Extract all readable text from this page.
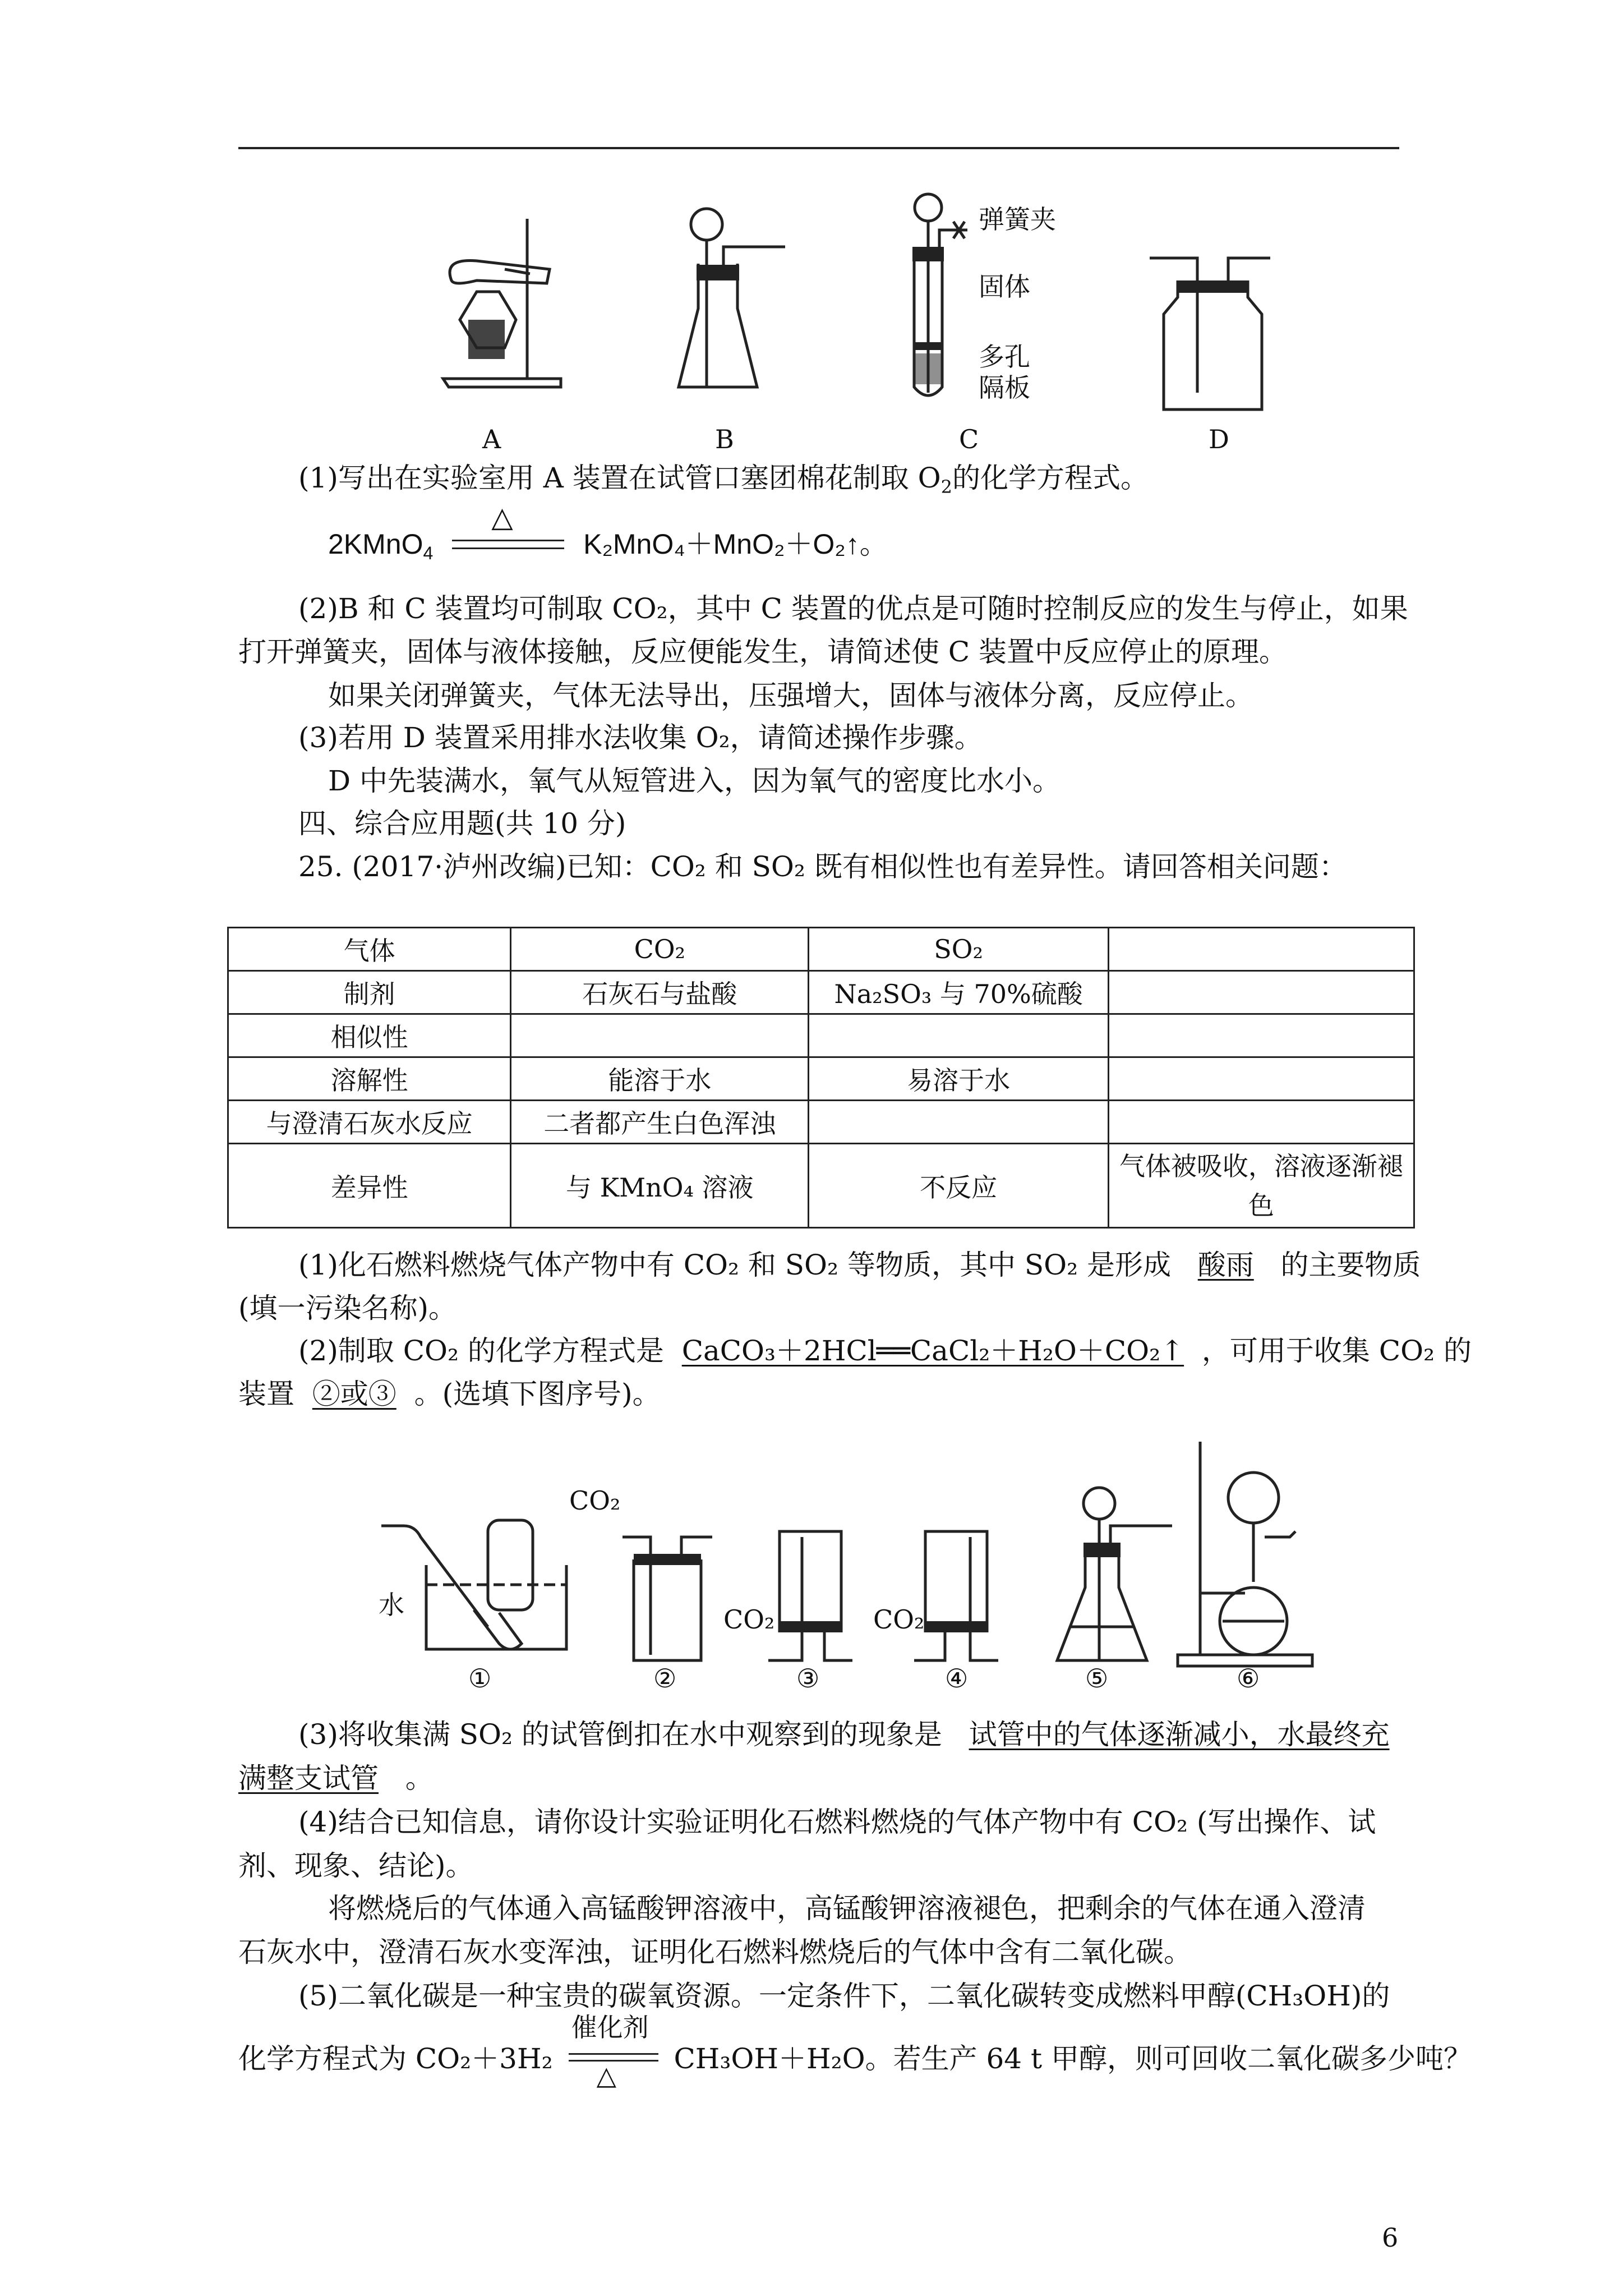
弹簧夹
固体
多孔
隔板
A	B	C	D
(1)写出在实验室用 A 装置在试管口塞团棉花制取 $O_2$的化学方程式。
2KMnO$_4$
△
K₂MnO₄＋MnO₂＋O₂↑。
(2)B 和 C 装置均可制取 CO₂，其中 C 装置的优点是可随时控制反应的发生与停止，如果
打开弹簧夹，固体与液体接触，反应便能发生，请简述使 C 装置中反应停止的原理。
如果关闭弹簧夹，气体无法导出，压强增大，固体与液体分离，反应停止。
(3)若用 D 装置采用排水法收集 O₂，请简述操作步骤。
D 中先装满水，氧气从短管进入，因为氧气的密度比水小。
四、综合应用题(共 10 分)
25. (2017·泸州改编)已知：CO₂ 和 SO₂ 既有相似性也有差异性。请回答相关问题：
气体	CO₂	SO₂	
制剂	石灰石与盐酸	Na₂SO₃ 与 70%硫酸	
相似性			
溶解性	能溶于水	易溶于水	
与澄清石灰水反应	二者都产生白色浑浊		
差异性	与 KMnO₄ 溶液	不反应	气体被吸收，溶液逐渐褪色
(1)化石燃料燃烧气体产物中有 CO₂ 和 SO₂ 等物质，其中 SO₂ 是形成 酸雨 的主要物质
(填一污染名称)。
(2)制取 CO₂ 的化学方程式是 CaCO₃＋2HCl══CaCl₂＋H₂O＋CO₂↑ ，可用于收集 CO₂ 的
装置 ②或③ 。(选填下图序号)。
水
CO₂
CO₂	CO₂
①	②	③	④	⑤	⑥
(3)将收集满 SO₂ 的试管倒扣在水中观察到的现象是 试管中的气体逐渐减小，水最终充
满整支试管 。
(4)结合已知信息，请你设计实验证明化石燃料燃烧的气体产物中有 CO₂ (写出操作、试
剂、现象、结论)。
将燃烧后的气体通入高锰酸钾溶液中，高锰酸钾溶液褪色，把剩余的气体在通入澄清
石灰水中，澄清石灰水变浑浊，证明化石燃料燃烧后的气体中含有二氧化碳。
(5)二氧化碳是一种宝贵的碳氧资源。一定条件下，二氧化碳转变成燃料甲醇(CH₃OH)的
化学方程式为 CO₂＋3H₂
催化剂
△
CH₃OH＋H₂O。若生产 64 t 甲醇，则可回收二氧化碳多少吨？
6
